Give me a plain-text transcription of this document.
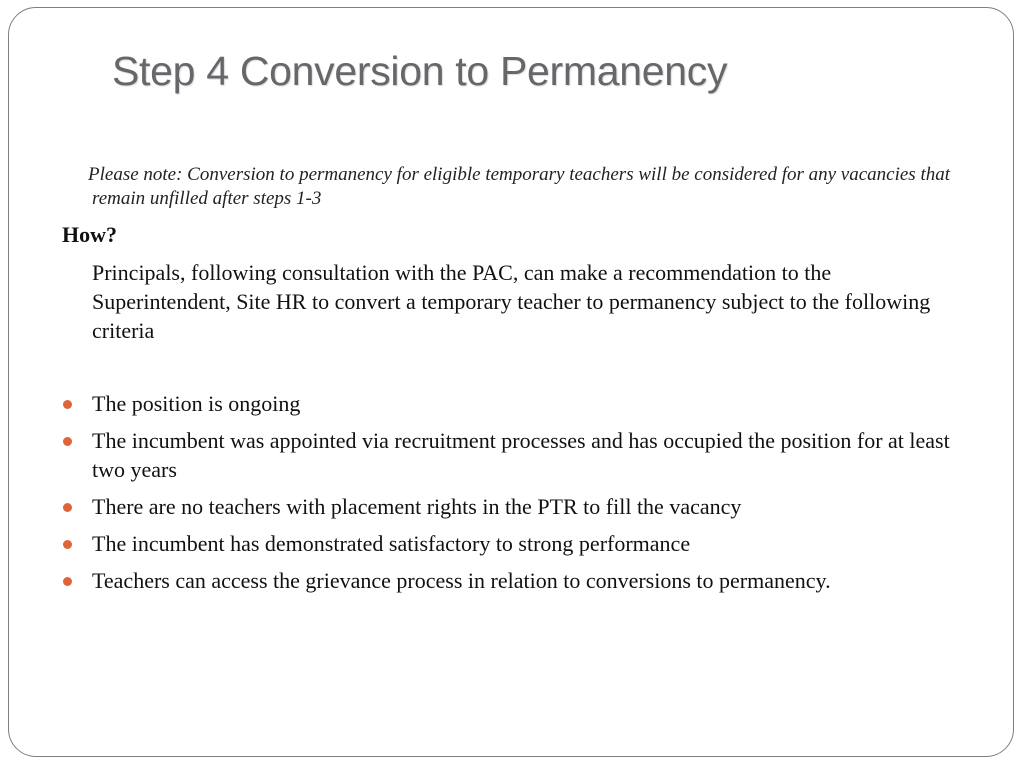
Step 4 Conversion to Permanency
Please note: Conversion to permanency for eligible temporary teachers will be considered for any vacancies that remain unfilled after steps 1-3
How?
Principals, following consultation with the PAC, can make a recommendation to the Superintendent, Site HR to convert a temporary teacher to permanency subject to the following criteria
The position is ongoing
The incumbent was appointed via recruitment processes and has occupied the position for at least two years
There are no teachers with placement rights in the PTR to fill the vacancy
The incumbent has demonstrated satisfactory to strong performance
Teachers can access the grievance process in relation to conversions to permanency.
